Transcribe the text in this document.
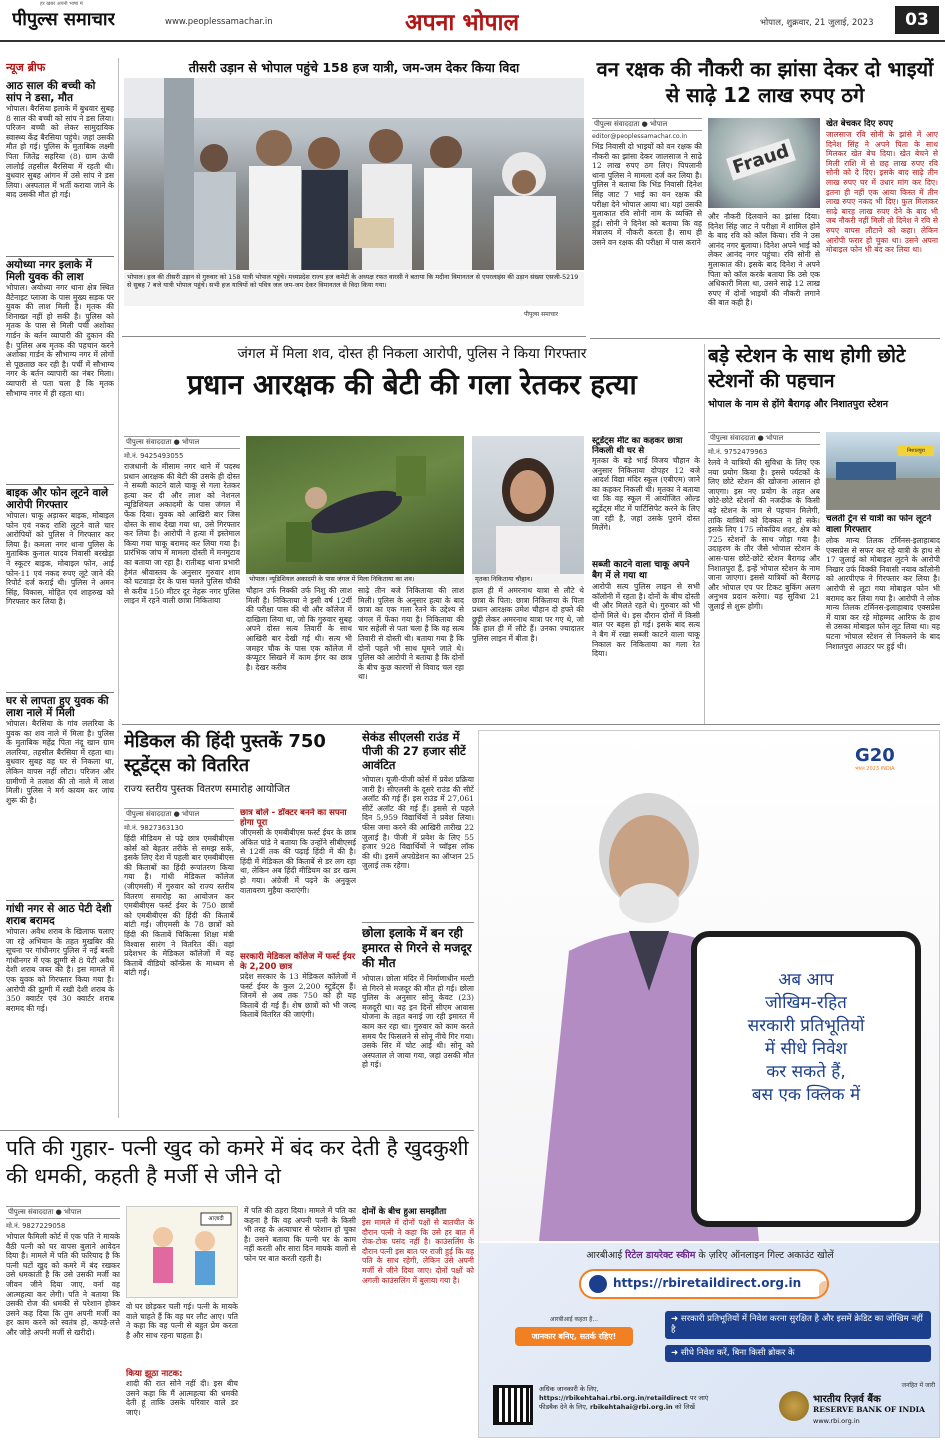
हर खबर अपनी भाषा में
पीपुल्स समाचार	www.peoplessamachar.in	अपना भोपाल	भोपाल, शुक्रवार, 21 जुलाई, 2023	03
न्यूज ब्रीफ
आठ साल की बच्ची को सांप ने डसा, मौत
भोपाल। बैरसिया इलाके में बुधवार सुबह 8 साल की बच्ची को सांप ने डस लिया। परिजन बच्ची को लेकर सामुदायिक स्वास्थ्य केंद्र बैरसिया पहुंचे। जहां उसकी मौत हो गई। पुलिस के मुताबिक लक्ष्मी पिता जितेंद्र सहरिया (8) ग्राम ऊंची लालोई तहसील बैरसिया में रहती थी। बुधवार सुबह आंगन में उसे सांप ने डस लिया। अस्पताल में भर्ती कराया जाने के बाद उसकी मौत हो गई।
अयोध्या नगर इलाके में मिली युवक की लाश
भोपाल। अयोध्या नगर थाना क्षेत्र स्थित वैटेनाइट प्लाजा के पास मुख्य सड़क पर युवक की लाश मिली है। मृतक की शिनाख्त नहीं हो सकी है। पुलिस को मृतक के पास से मिली पर्ची अशोका गार्डन के बर्तन व्यापारी की दुकान की है। पुलिस अब मृतक की पहचान करने अशोका गार्डन के सौभाग्य नगर में लोगों से पूछताछ कर रही है। पर्ची में सौभाग्य नगर के बर्तन व्यापारी का नंबर मिला। व्यापारी से पता चला है कि मृतक सौभाग्य नगर में ही रहता था।
बाइक और फोन लूटने वाले आरोपी गिरफ्तार
भोपाल। चाकू अड़ाकर बाइक, मोबाइल फोन एवं नकद राशि लूटने वाले चार आरोपियों को पुलिस ने गिरफ्तार कर लिया है। कमला नगर थाना पुलिस के मुताबिक कुनाल यादव निवासी बरखेड़ा ने स्कूटर बाइक, मोबाइल फोन, आई फोन-11 एवं नकद रुपए लूटे जाने की रिपोर्ट दर्ज कराई थी। पुलिस ने अमन सिंह, विकास, मोहित एवं शाहरुख को गिरफ्तार कर लिया है।
घर से लापता हुए युवक की लाश नाले में मिली
भोपाल। बैरसिया के गांव ललरिया के युवक का शव नाले में मिला है। पुलिस के मुताबिक महेंद्र पिता नंदू खान ग्राम ललरिया, तहसील बैरसिया में रहता था। बुधवार सुबह वह घर से निकला था, लेकिन वापस नहीं लौटा। परिजन और ग्रामीणों ने तलाश की तो नाले में लाश मिली। पुलिस ने मर्ग कायम कर जांच शुरू की है।
गांधी नगर से आठ पेटी देशी शराब बरामद
भोपाल। अवैध शराब के खिलाफ चलाए जा रहे अभियान के तहत मुखबिर की सूचना पर गांधीनगर पुलिस ने नई बस्ती गांधीनगर में एक झुग्गी से 8 पेटी अवैध देशी शराब जब्त की है। इस मामले में एक युवक को गिरफ्तार किया गया है। आरोपी की झुग्गी में रखी देशी शराब के 350 क्वार्टर एवं 30 क्वार्टर शराब बरामद की गई।
तीसरी उड़ान से भोपाल पहुंचे 158 हज यात्री, जम-जम देकर किया विदा
भोपाल। हज की तीसरी उड़ान से गुरुवार को 158 यात्री भोपाल पहुंचे। मध्यप्रदेश राज्य हज कमेटी के अध्यक्ष रफत वारसी ने बताया कि मदीना विमानतल से एयरलाइंस की उड़ान संख्या एसजी-5219 से सुबह 7 बजे यात्री भोपाल पहुंचे। सभी हज यात्रियों को पवित्र जल जम-जम देकर विमानतल से विदा किया गया।
पीपुल्स समाचार
वन रक्षक की नौकरी का झांसा देकर दो भाइयों से साढ़े 12 लाख रुपए ठगे
पीपुल्स संवाददाता ● भोपाल
editor@peoplessamachar.co.in
भिंड निवासी दो भाइयों को वन रक्षक की नौकरी का झांसा देकर जालसाज ने साढ़े 12 लाख रुपए ठग लिए। पिपलानी थाना पुलिस ने मामला दर्ज कर लिया है। पुलिस ने बताया कि भिंड निवासी दिनेश सिंह जाट 7 भाई का वन रक्षक की परीक्षा देने भोपाल आया था। यहां उसकी मुलाकात रवि सोनी नाम के व्यक्ति से हुई। सोनी ने दिनेश को बताया कि वह मंत्रालय में नौकरी करता है। साथ ही उसने वन रक्षक की परीक्षा में पास कराने
Fraud
और नौकरी दिलवाने का झांसा दिया। दिनेश सिंह जाट ने परीक्षा में शामिल होने के बाद रवि को कॉल किया। रवि ने उस आनंद नगर बुलाया। दिनेश अपने भाई को लेकर आनंद नगर पहुंचा। रवि सोनी से मुलाकात की। इसके बाद दिनेश ने अपने पिता को कॉल करके बताया कि उसे एक अधिकारी मिला था, उसने साढ़े 12 लाख रुपए में दोनों भाइयों की नौकरी लगाने की बात कही है।
खेत बेचकर दिए रुपए
जालसाज रवि सोनी के झांसे में आए दिनेश सिंह ने अपने पिता के साथ मिलकर खेत बेच दिया। खेत बेचने से मिली राशि में से छह लाख रुपए रवि सोनी को दे दिए। इसके बाद साढ़े तीन लाख रुपए घर में उधार मांग कर दिए। इतना ही नहीं एक आया किस्त में तीन लाख रुपए नकद भी दिए। फुल मिलाकर साढ़े बारह लाख रुपए देने के बाद भी जब नौकरी नहीं मिली तो दिनेश ने रवि से रुपए वापस लौटाने को कहा। लेकिन आरोपी फरार हो चुका था। उसने अपना मोबाइल फोन भी बंद कर लिया था।
जंगल में मिला शव, दोस्त ही निकला आरोपी, पुलिस ने किया गिरफ्तार
प्रधान आरक्षक की बेटी की गला रेतकर हत्या
पीपुल्स संवाददाता ● भोपाल
मो.नं. 9425493055
राजधानी के मीसाम नगर थाने में पदस्थ प्रधान आरक्षक की बेटी की उसके ही दोस्त ने सब्जी काटने वाले चाकू से गला रेतकर हत्या कर दी और लाश को नेशनल न्यूडिशियल अकादमी के पास जंगल में फेंक दिया। युवक को आखिरी बार जिस दोस्त के साथ देखा गया था, उसे गिरफ्तार कर लिया है। आरोपी ने हत्या में इस्तेमाल किया गया चाकू बरामद कर लिया गया है। प्रारंभिक जांच में मामला दोस्ती में मनमुटाव का बताया जा रहा है। रातीबड़ थाना प्रभारी हेमंत श्रीवास्तव के अनुसार गुरुवार शाम को घटवाड़ा देर के पास चलते पुलिस चौकी से करीब 150 मीटर दूर नेहरू नगर पुलिस लाइन में रहने वाली छात्रा निकिताया
भोपाल। न्यूडिशियल अकादमी के पास जंगल में मिला निकिताया का शव।
चौहान उर्फ निक्की उर्फ निशु की लाश मिली है। निकिताया ने इसी वर्ष 12वीं की परीक्षा पास की थी और कॉलेज में दाखिला लिया था, जो कि गुरुवार सुबह अपने दोस्त सत्य तिवारी के साथ आखिरी बार देखी गई थी। सत्य भी जमहर चौक के पास एक कॉलेज में कंप्यूटर सिखने में काम ईगर का छात्र है। देखर करीब
साढ़े तीन बजे निकिताया की लाश मिली। पुलिस के अनुसार हत्या के बाद छात्रा का एक गला रेतने के उद्देश्य से जंगल में फेंका गया है। निकिताया की चार सहेली से पता चला है कि वह सत्य तिवारी से दोस्ती थी। बताया गया है कि दोनों पहले भी साथ घूमने जाते थे। पुलिस को आरोपी ने बताया है कि दोनों के बीच कुछ कारणों से विवाद चल रहा था।
मृतका निकिताया चौहान।
हाल ही में अमरनाथ यात्रा से लौटे थे छात्रा के पिता: छात्रा निकिताया के पिता प्रधान आरक्षक उमेश चौहान दो हफ्ते की छुट्टी लेकर अमरनाथ यात्रा पर गए थे, जो कि हाल ही में लौटे हैं। उनका ज्यादातर पुलिस लाइन में बीता है।
स्टूडेंट्स मीट का कहकर छात्रा निकली थी घर से
मृतका के बड़े भाई विजय चौहान के अनुसार निकिताया दोपहर 12 बजे आदर्श विद्या मंदिर स्कूल (एबीएम) जाने का कहकर निकली थी। मृतका ने बताया था कि वह स्कूल में आयोजित ओल्ड स्टूडेंट्स मीट में पार्टिसिपेट करने के लिए जा रही है, जहां उसके पुराने दोस्त मिलेंगे।
सब्जी काटने वाला चाकू अपने बैग में ले गया था
आरोपी सत्य पुलिस लाइन से सभी कॉलोनी में रहता है। दोनों के बीच दोस्ती थी और मिलते रहते थे। गुरुवार को भी दोनों मिले थे। इस दौरान दोनों में किसी बात पर बहस हो गई। इसके बाद सत्य ने बैग में रखा सब्जी काटने वाला चाकू निकाल कर निकिताया का गला रेत दिया।
बड़े स्टेशन के साथ होगी छोटे स्टेशनों की पहचान
भोपाल के नाम से होंगे बैरागढ़ और निशातपुरा स्टेशन
पीपुल्स संवाददाता ● भोपाल
मो.नं. 9752479963
रेलवे ने यात्रियों की सुविधा के लिए एक नया प्रयोग किया है। इससे पर्यटकों के लिए छोटे स्टेशन की खोजना आसान हो जाएगा। इस नए प्रयोग के तहत अब छोटे-छोटे स्टेशनों की नजदीक के किसी बड़े स्टेशन के नाम से पहचान मिलेगी, ताकि यात्रियों को दिक्कत न हो सके। इसके लिए 175 लोकप्रिय शहर, क्षेत्र को 725 स्टेशनों के साथ जोड़ा गया है। उदाहरण के तौर जैसे भोपाल स्टेशन के आस-पास छोटे-छोटे स्टेशन बैरागढ़ और निशातपुरा हैं, इन्हें भोपाल स्टेशन के नाम जाना जाएगा। इससे यात्रियों को बैरागढ़ और भोपाल एप पर टिकट बुकिंग अलग अनुभव प्रदान करेगा। यह सुविधा 21 जुलाई से शुरू होगी।
निशातपुरा
चलती ट्रेन से यात्री का फोन लूटने वाला गिरफ्तार
लोक मान्य तिलक टर्मिनस-इलाहाबाद एक्सप्रेस से सफर कर रहे यात्री के हाथ से 17 जुलाई को मोबाइल लूटने के आरोपी निखार उर्फ विक्की निवासी नयाब कॉलोनी को आरपीएफ ने गिरफ्तार कर लिया है। आरोपी से लूटा गया मोबाइल फोन भी बरामद कर लिया गया है। आरोपी ने लोक मान्य तिलक टर्मिनस-इलाहाबाद एक्सप्रेस में यात्रा कर रहे मोहम्मद आरिफ के हाथ से उसका मोबाइल फोन लूट लिया था। यह घटना भोपाल स्टेशन से निकलने के बाद निशातपुरा आउटर पर हुई थी।
मेडिकल की हिंदी पुस्तकें 750 स्टूडेंट्स को वितरित
राज्य स्तरीय पुस्तक वितरण समारोह आयोजित
पीपुल्स संवाददाता ● भोपाल
मो.नं. 9827363130
हिंदी मीडियम से पढ़े छात्र एमबीबीएस कोर्स को बेहतर तरीके से समझ सकें, इसके लिए देश में पहली बार एमबीबीएस की किताबों का हिंदी रूपांतरण किया गया है। गांधी मेडिकल कॉलेज (जीएमसी) में गुरुवार को राज्य स्तरीय वितरण समारोह का आयोजन कर एमबीबीएस फर्स्ट ईयर के 750 छात्रों को एमबीबीएस की हिंदी की किताबें बांटी गईं। जीएमसी के 78 छात्रों को हिंदी की किताबें चिकित्सा शिक्षा मंत्री विश्वास सारंग ने वितरित कीं। वहां प्रदेशभर के मेडिकल कॉलेजों में यह किताबें वीडियो कॉन्फ्रेंस के माध्यम से बांटी गईं।
छात्र बोले - डॉक्टर बनने का सपना होगा पूरा
जीएमसी के एमबीबीएस फर्स्ट ईयर के छात्र अंकित पांडे ने बताया कि उन्होंने सीबीएसई से 12वीं तक की पढ़ाई हिंदी में की है। हिंदी में मेडिकल की किताबें से डर लग रहा था, लेकिन अब हिंदी मीडियम का डर खत्म हो गया। अंग्रेजी में पढ़ने के अनुकूल वातावरण मुहैया कराएंगी।
सरकारी मेडिकल कॉलेज में फर्स्ट ईयर के 2,200 छात्र
प्रदेश सरकार के 13 मेडिकल कॉलेजों में फर्स्ट ईयर के कुल 2,200 स्टूडेंट्स हैं। जिनमें से अब तक 750 को ही यह किताबें दी गई हैं। शेष छात्रों को भी जल्द किताबें वितरित की जाएंगी।
सेकंड सीएलसी राउंड में पीजी की 27 हजार सीटें आवंटित
भोपाल। यूजी-पीजी कोर्स में प्रवेश प्रक्रिया जारी है। सीएलसी के दूसरे राउंड की सीटें अलॉट की गई हैं। इस राउंड में 27,061 सीटें अलॉट की गई हैं। इससे से पहले दिन 5,959 विद्यार्थियों ने प्रवेश लिया। फीस जमा करने की आखिरी तारीख 22 जुलाई है। पीजी में प्रवेश के लिए 55 हजार 928 विद्यार्थियों ने च्वॉइस लॉक की थी। इसमें अपग्रेडेशन का ऑप्शन 25 जुलाई तक रहेगा।
छोला इलाके में बन रही इमारत से गिरने से मजदूर की मौत
भोपाल। छोला मंदिर में निर्माणाधीन मल्टी से गिरने से मजदूर की मौत हो गई। छोला पुलिस के अनुसार सोनू केवट (23) मजदूरी था। वह इन दिनों सीएम आवास योजना के तहत बनाई जा रही इमारत में काम कर रहा था। गुरुवार को काम करते समय पैर फिसलने से सोनू नीचे गिर गया। उसके सिर में चोट आई थी। सोनू को अस्पताल ले जाया गया, जहां उसकी मौत हो गई।
G20
भारत 2023 INDIA
अब आप
जोखिम-रहित
सरकारी प्रतिभूतियों
में सीधे निवेश
कर सकते हैं,
बस एक क्लिक में
आरबीआई रिटेल डायरेक्ट स्कीम के ज़रिए ऑनलाइन गिल्ट अकाउंट खोलें
https://rbiretaildirect.org.in
आरबीआई कहता है...
जानकार बनिए, सतर्क रहिए!
➜ सरकारी प्रतिभूतियों में निवेश करना सुरक्षित है और इसमें क्रेडिट का जोखिम नहीं है
➜ सीधे निवेश करें, बिना किसी ब्रोकर के
अधिक जानकारी के लिए,
https://rbikehtahai.rbi.org.in/retaildirect पर जाएं
फीडबैक देने के लिए, rbikehtahai@rbi.org.in को लिखें
जनहित में जारी
भारतीय रिज़र्व बैंक
RESERVE BANK OF INDIA
www.rbi.org.in
पति की गुहार- पत्नी खुद को कमरे में बंद कर देती है खुदकुशी की धमकी, कहती है मर्जी से जीने दो
पीपुल्स संवाददाता ● भोपाल
मो.नं. 9827229058
भोपाल फैमिली कोर्ट में एक पति ने मायके वैठी पत्नी को घर वापस बुलाने आवेदन दिया है। मामले में पति की फरियाद है कि पत्नी घटों खुद को कमरे में बंद रखकर उसे धमकाती है कि उसे उसकी मर्जी का जीवन जीने दिया जाए, वर्ना वह आत्महत्या कर लेगी। पति ने बताया कि उसकी रोज की धमकी से परेशान होकर उसने कह दिया कि तुम अपनी मर्जी का हर काम करने को स्वतंत्र हो, कपड़े-लत्ते और जोड़े अपनी मर्जी से खरीदो।
आज़ादी
वो घर छोड़कर चली गई। पत्नी के मायके वाले चाहते हैं कि वह घर लौट आए। पति ने कहा कि वह पत्नी से बहुत प्रेम करता है और साथ रहना चाहता है।
किया झूठा नाटक:
शादी की रात सोने नहीं दी। इस बीच उसने कहा कि मैं आत्महत्या की धमकी देती हूं ताकि उसके परिवार वाले डर जाएं।
में पति की ठहरा दिया। मामले में पति का कहना है कि वह अपनी पत्नी के किसी भी तरह के अत्याचार से परेशान हो चुका है। उसने बताया कि पत्नी घर के काम नहीं करती और सारा दिन मायके वालों से फोन पर बात करती रहती है।
दोनों के बीच हुआ समझौता
इस मामले में दोनों पक्षों से बातचीत के दौरान पत्नी ने कहा कि उसे हर बात में रोक-टोक पसंद नहीं है। काउंसलिंग के दौरान पत्नी इस बात पर राजी हुई कि वह पति के साथ रहेगी, लेकिन उसे अपनी मर्जी से जीने दिया जाए। दोनों पक्षों को अगली काउंसलिंग में बुलाया गया है।
